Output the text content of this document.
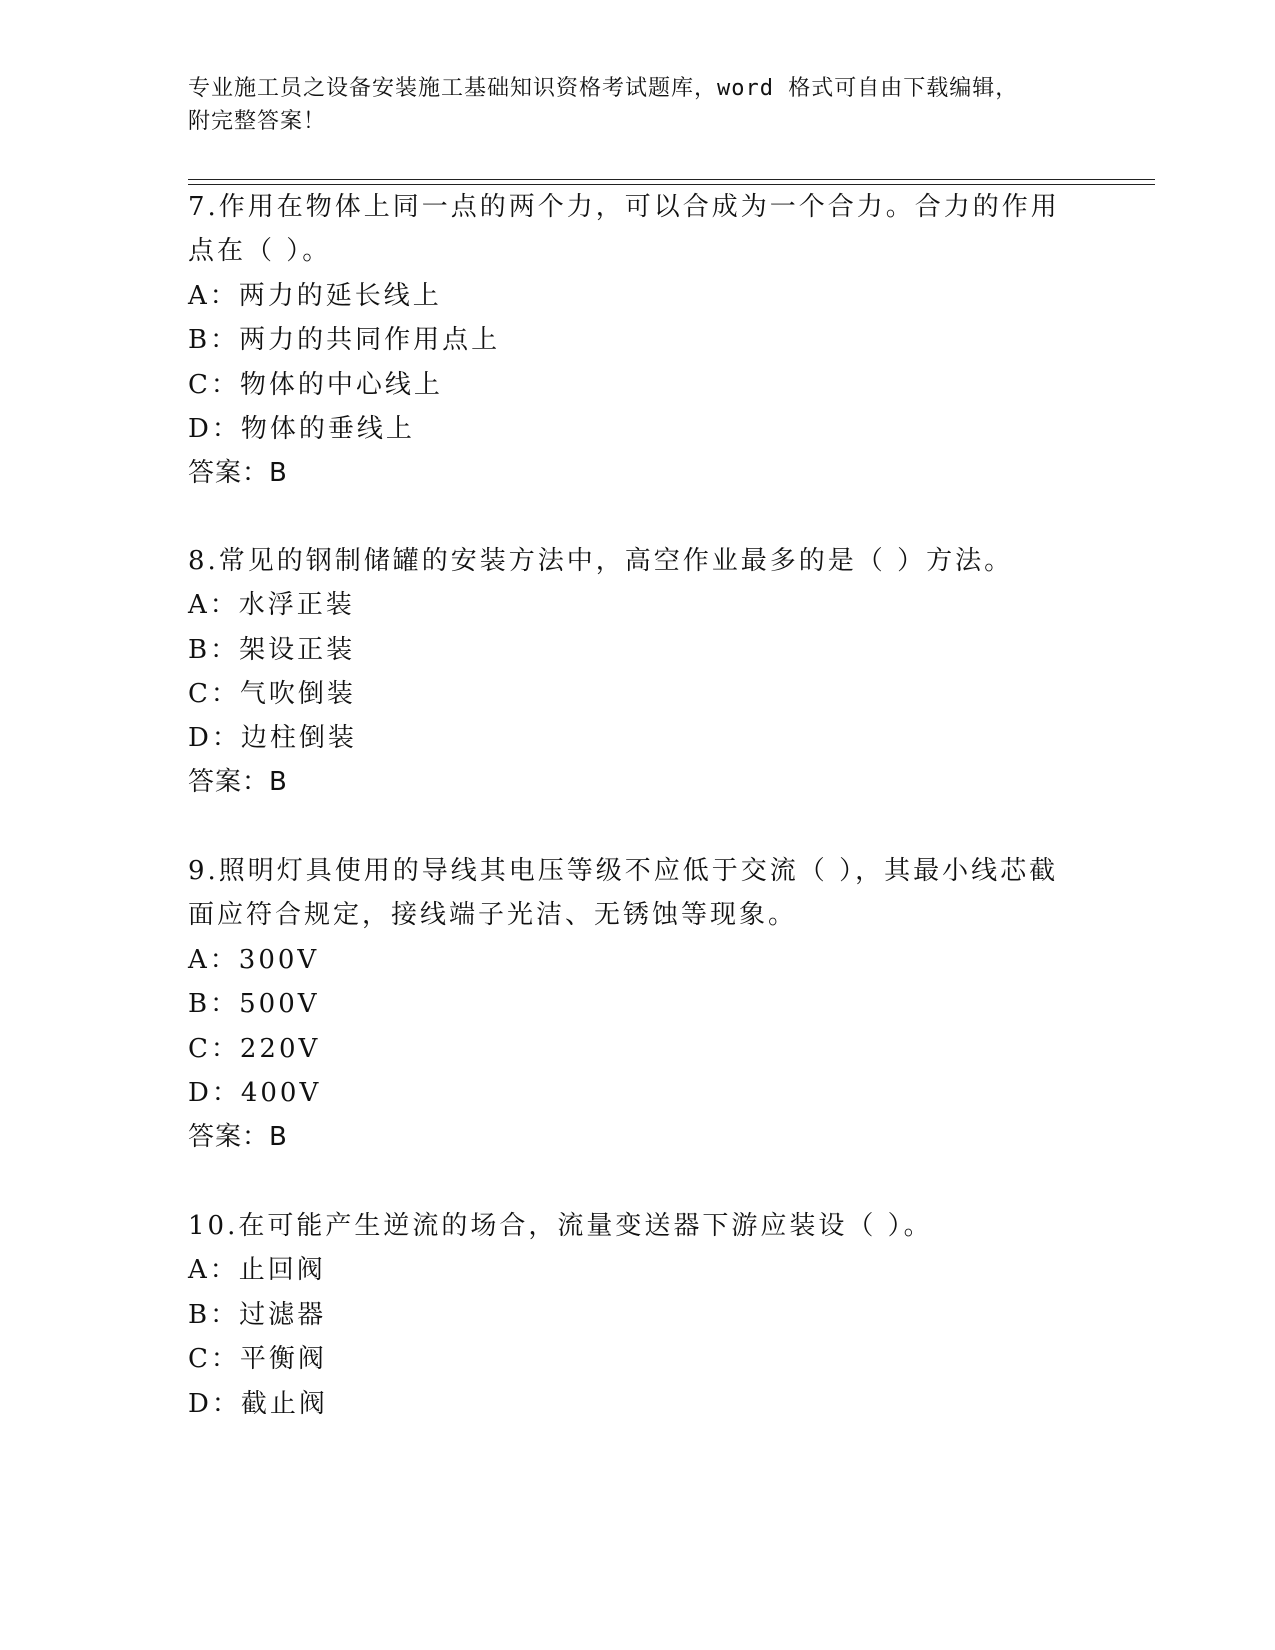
专业施工员之设备安装施工基础知识资格考试题库，word 格式可自由下载编辑，
附完整答案！
7.作用在物体上同一点的两个力，可以合成为一个合力。合力的作用
点在（ ）。
A：两力的延长线上
B：两力的共同作用点上
C：物体的中心线上
D：物体的垂线上
答案：B
8.常见的钢制储罐的安装方法中，高空作业最多的是（ ）方法。
A：水浮正装
B：架设正装
C：气吹倒装
D：边柱倒装
答案：B
9.照明灯具使用的导线其电压等级不应低于交流（ ），其最小线芯截
面应符合规定，接线端子光洁、无锈蚀等现象。
A：300V
B：500V
C：220V
D：400V
答案：B
10.在可能产生逆流的场合，流量变送器下游应装设（ ）。
A：止回阀
B：过滤器
C：平衡阀
D：截止阀
